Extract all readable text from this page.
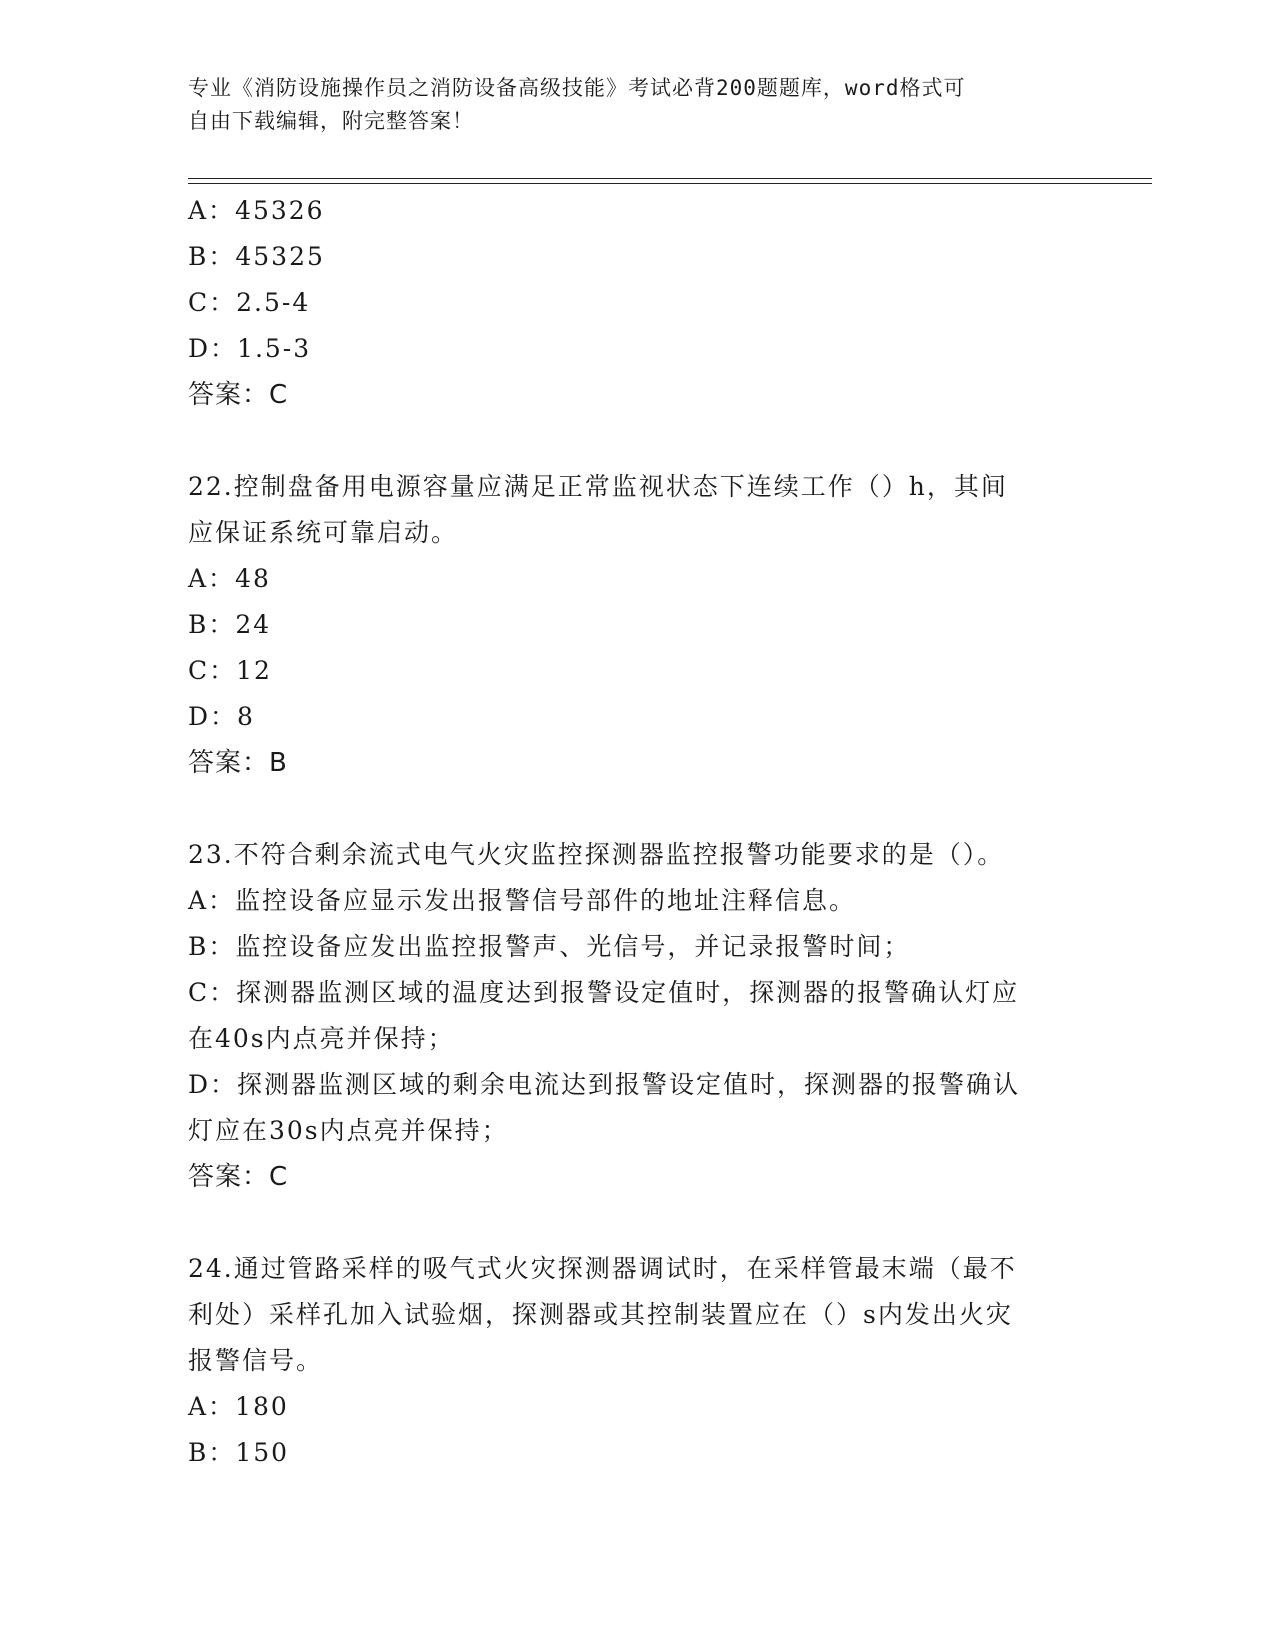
专业《消防设施操作员之消防设备高级技能》考试必背200题题库，word格式可
自由下载编辑，附完整答案！
A：45326
B：45325
C：2.5-4
D：1.5-3
答案：C
22.控制盘备用电源容量应满足正常监视状态下连续工作（）h，其间
应保证系统可靠启动。
A：48
B：24
C：12
D：8
答案：B
23.不符合剩余流式电气火灾监控探测器监控报警功能要求的是（）。
A：监控设备应显示发出报警信号部件的地址注释信息。
B：监控设备应发出监控报警声、光信号，并记录报警时间；
C：探测器监测区域的温度达到报警设定值时，探测器的报警确认灯应
在40s内点亮并保持；
D：探测器监测区域的剩余电流达到报警设定值时，探测器的报警确认
灯应在30s内点亮并保持；
答案：C
24.通过管路采样的吸气式火灾探测器调试时，在采样管最末端（最不
利处）采样孔加入试验烟，探测器或其控制装置应在（）s内发出火灾
报警信号。
A：180
B：150
